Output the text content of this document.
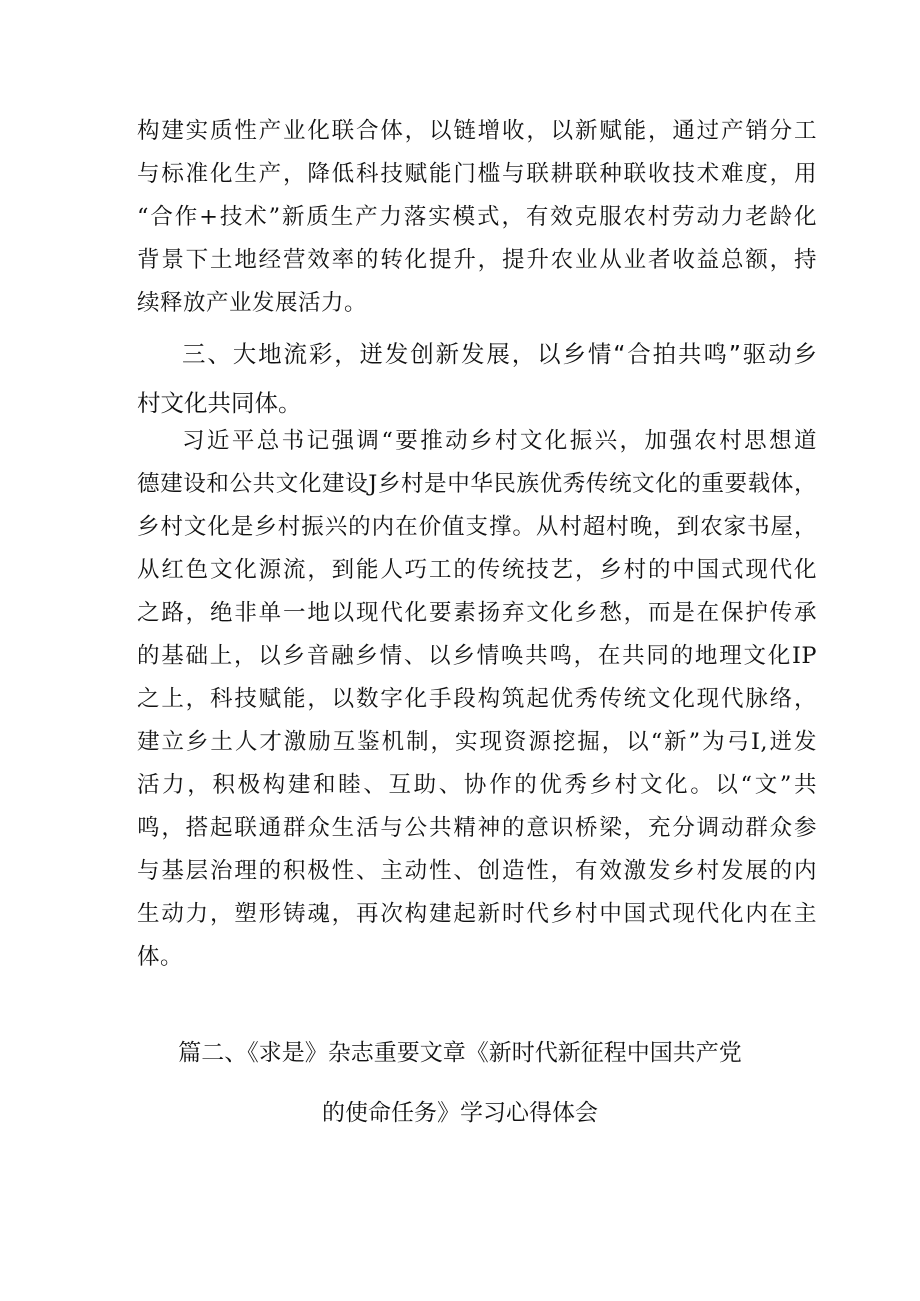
构建实质性产业化联合体，以链增收，以新赋能，通过产销分工
与标准化生产，降低科技赋能门槛与联耕联种联收技术难度，用
“合作+技术”新质生产力落实模式，有效克服农村劳动力老龄化
背景下土地经营效率的转化提升，提升农业从业者收益总额，持
续释放产业发展活力。
三、大地流彩，迸发创新发展，以乡情“合拍共鸣”驱动乡
村文化共同体。
习近平总书记强调“要推动乡村文化振兴，加强农村思想道
德建设和公共文化建设J乡村是中华民族优秀传统文化的重要载体，
乡村文化是乡村振兴的内在价值支撑。从村超村晚，到农家书屋，
从红色文化源流，到能人巧工的传统技艺，乡村的中国式现代化
之路，绝非单一地以现代化要素扬弃文化乡愁，而是在保护传承
的基础上，以乡音融乡情、以乡情唤共鸣，在共同的地理文化IP
之上，科技赋能，以数字化手段构筑起优秀传统文化现代脉络，
建立乡土人才激励互鉴机制，实现资源挖掘，以“新”为弓I,迸发
活力，积极构建和睦、互助、协作的优秀乡村文化。以“文”共
鸣，搭起联通群众生活与公共精神的意识桥梁，充分调动群众参
与基层治理的积极性、主动性、创造性，有效激发乡村发展的内
生动力，塑形铸魂，再次构建起新时代乡村中国式现代化内在主
体。
篇二、《求是》杂志重要文章《新时代新征程中国共产党
的使命任务》学习心得体会
